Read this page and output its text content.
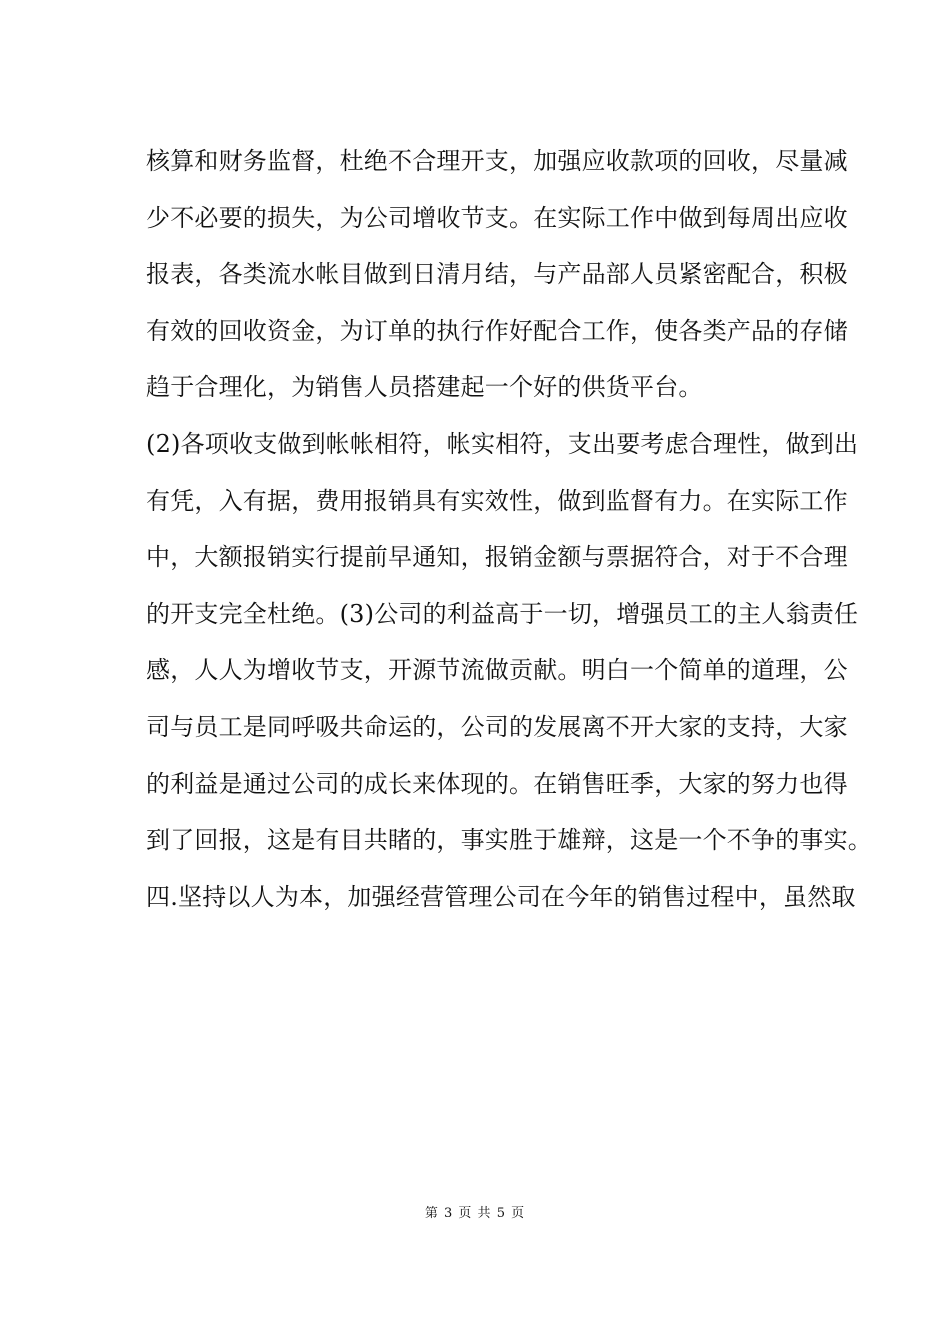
核算和财务监督，杜绝不合理开支，加强应收款项的回收，尽量减
少不必要的损失，为公司增收节支。在实际工作中做到每周出应收
报表，各类流水帐目做到日清月结，与产品部人员紧密配合，积极
有效的回收资金，为订单的执行作好配合工作，使各类产品的存储
趋于合理化，为销售人员搭建起一个好的供货平台。
(2)各项收支做到帐帐相符，帐实相符，支出要考虑合理性，做到出
有凭，入有据，费用报销具有实效性，做到监督有力。在实际工作
中，大额报销实行提前早通知，报销金额与票据符合，对于不合理
的开支完全杜绝。(3)公司的利益高于一切，增强员工的主人翁责任
感，人人为增收节支，开源节流做贡献。明白一个简单的道理，公
司与员工是同呼吸共命运的，公司的发展离不开大家的支持，大家
的利益是通过公司的成长来体现的。在销售旺季，大家的努力也得
到了回报，这是有目共睹的，事实胜于雄辩，这是一个不争的事实。
四.坚持以人为本，加强经营管理公司在今年的销售过程中，虽然取
第 3 页 共 5 页
